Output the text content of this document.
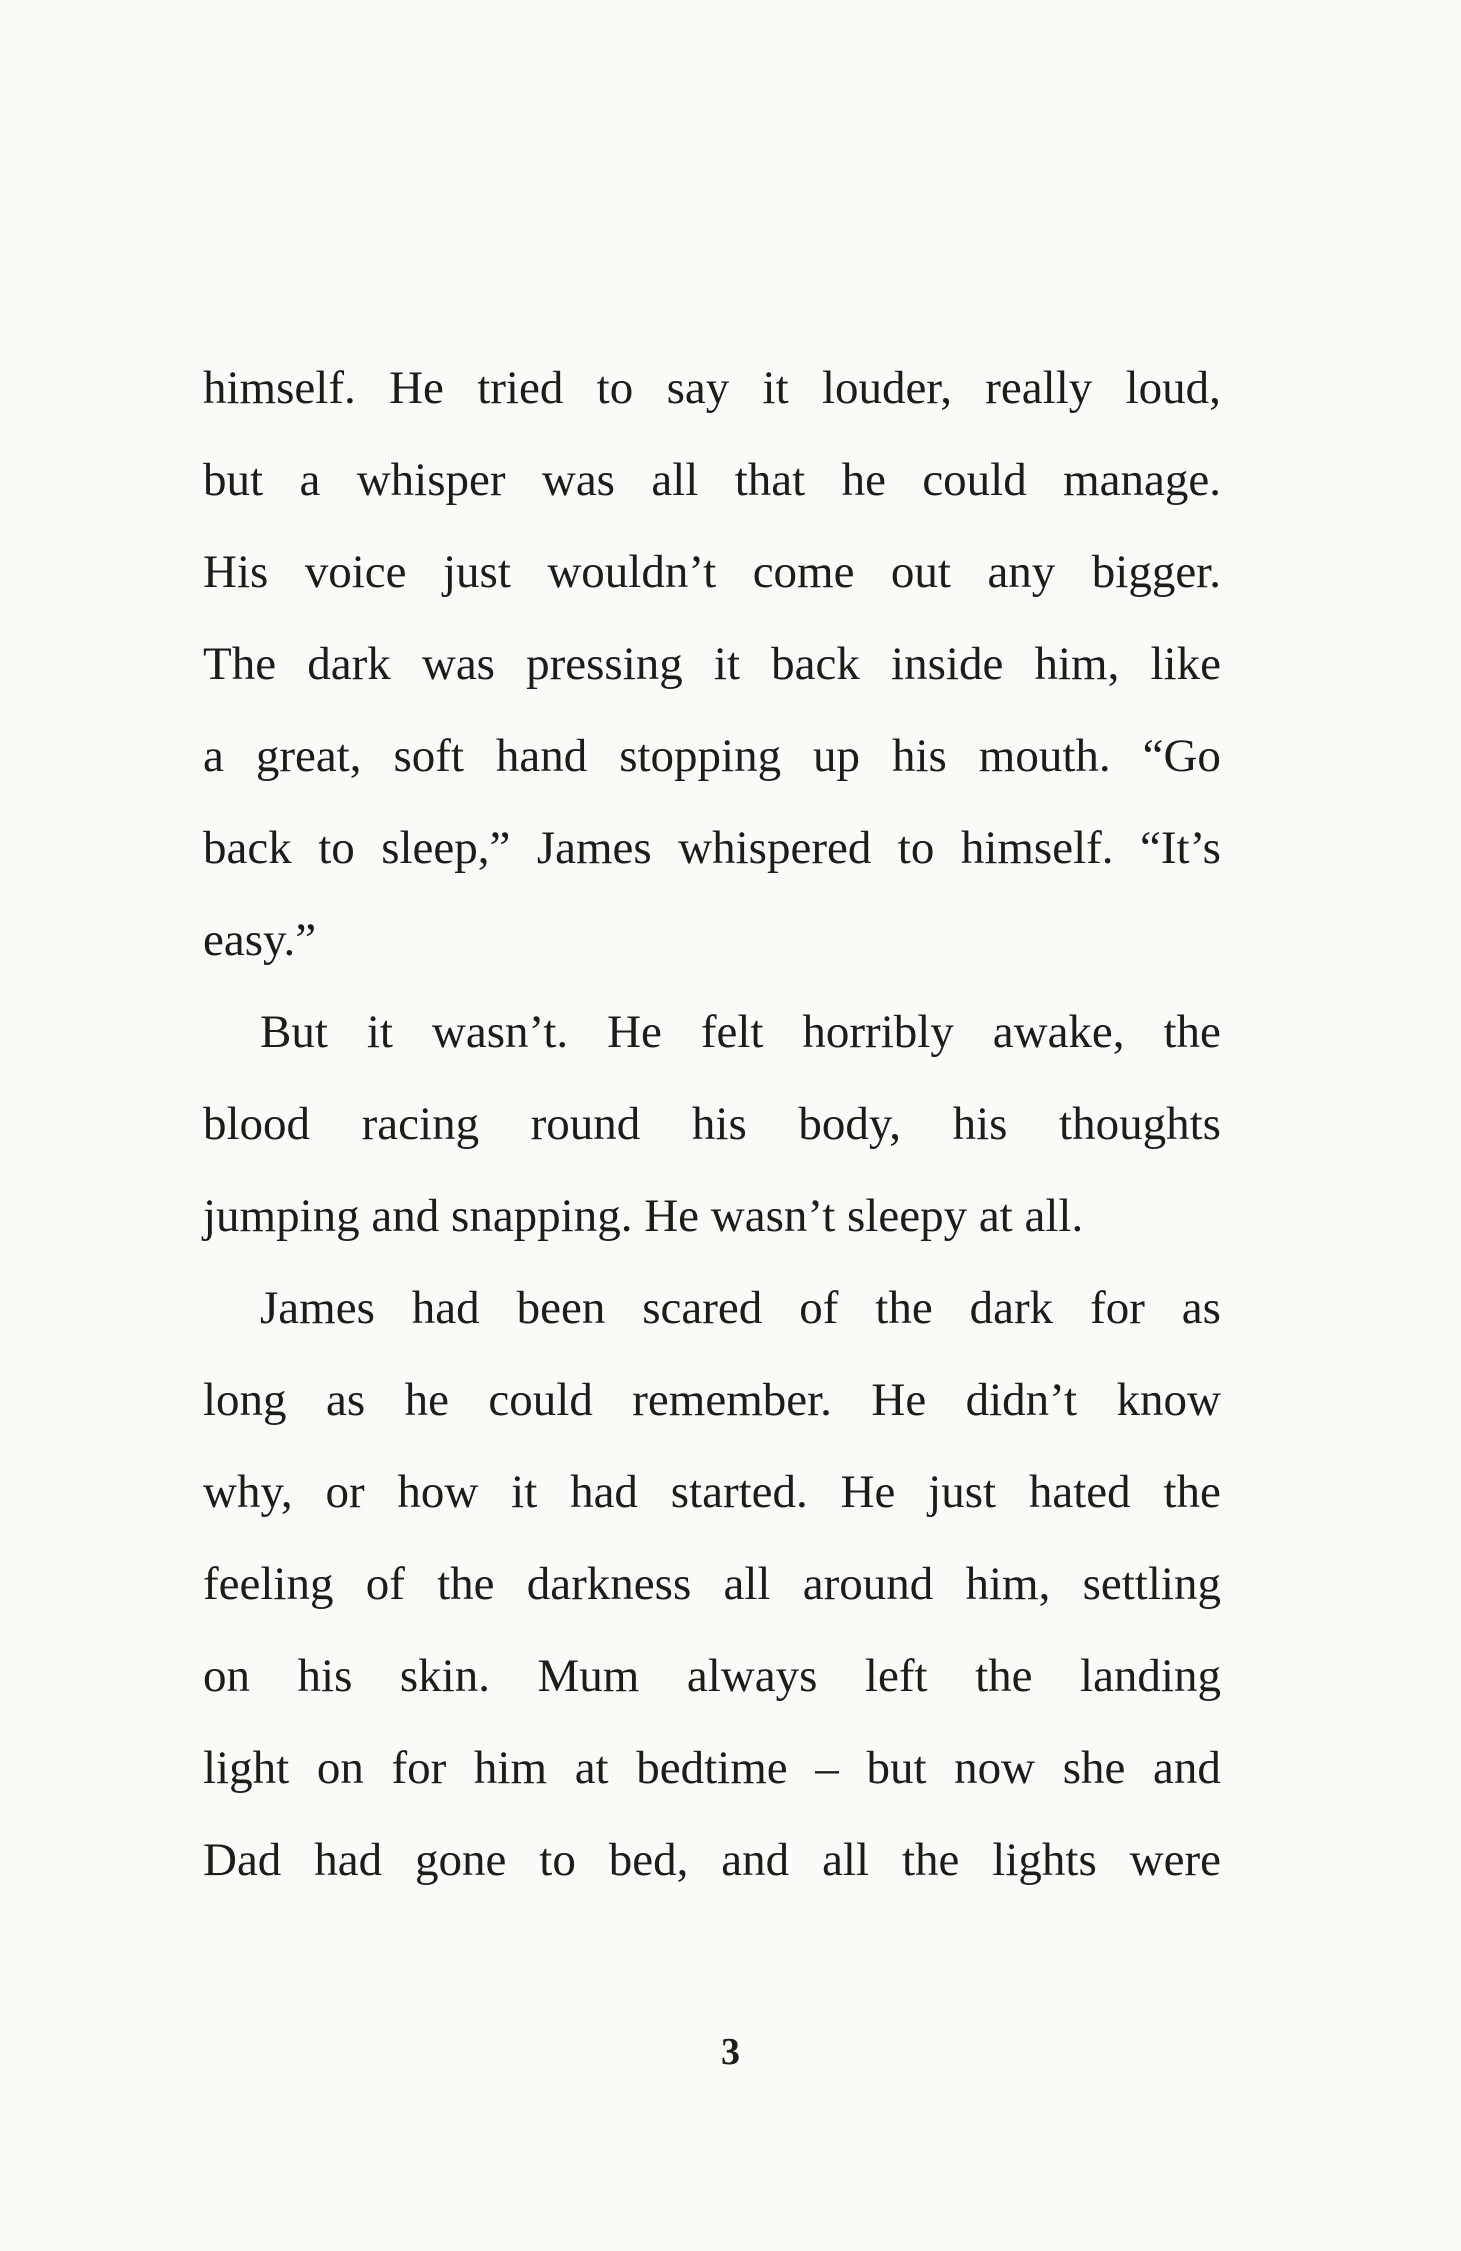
himself. He tried to say it louder, really loud,
but a whisper was all that he could manage.
His voice just wouldn’t come out any bigger.
The dark was pressing it back inside him, like
a great, soft hand stopping up his mouth. “Go
back to sleep,” James whispered to himself. “It’s
easy.”
But it wasn’t. He felt horribly awake, the
blood racing round his body, his thoughts
jumping and snapping. He wasn’t sleepy at all.
James had been scared of the dark for as
long as he could remember. He didn’t know
why, or how it had started. He just hated the
feeling of the darkness all around him, settling
on his skin. Mum always left the landing
light on for him at bedtime – but now she and
Dad had gone to bed, and all the lights were
3
